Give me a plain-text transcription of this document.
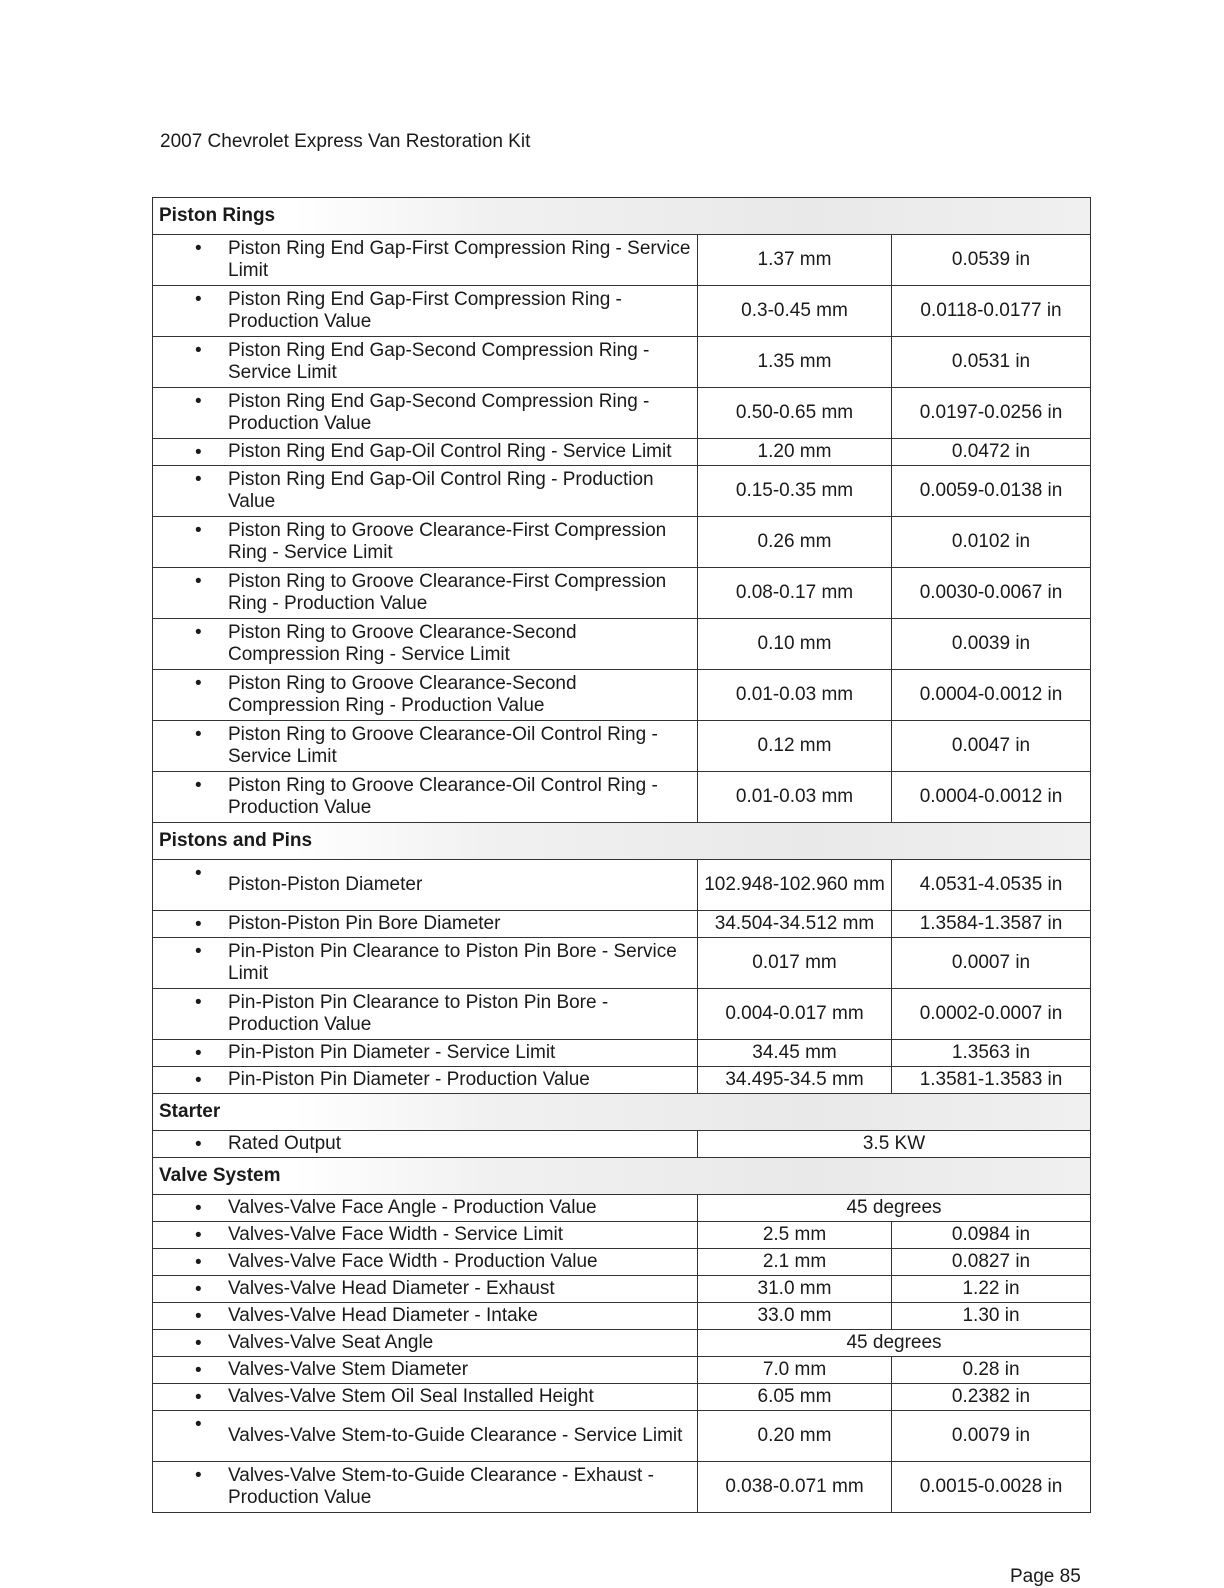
2007 Chevrolet Express Van Restoration Kit
Piston Rings		

• Piston Ring End Gap-First Compression Ring - Service Limit	1.37 mm	0.0539 in

• Piston Ring End Gap-First Compression Ring - Production Value	0.3-0.45 mm	0.0118-0.0177 in

• Piston Ring End Gap-Second Compression Ring - Service Limit	1.35 mm	0.0531 in

• Piston Ring End Gap-Second Compression Ring - Production Value	0.50-0.65 mm	0.0197-0.0256 in

• Piston Ring End Gap-Oil Control Ring - Service Limit	1.20 mm	0.0472 in

• Piston Ring End Gap-Oil Control Ring - Production Value	0.15-0.35 mm	0.0059-0.0138 in

• Piston Ring to Groove Clearance-First Compression Ring - Service Limit	0.26 mm	0.0102 in

• Piston Ring to Groove Clearance-First Compression Ring - Production Value	0.08-0.17 mm	0.0030-0.0067 in

• Piston Ring to Groove Clearance-Second Compression Ring - Service Limit	0.10 mm	0.0039 in

• Piston Ring to Groove Clearance-Second Compression Ring - Production Value	0.01-0.03 mm	0.0004-0.0012 in

• Piston Ring to Groove Clearance-Oil Control Ring - Service Limit	0.12 mm	0.0047 in

• Piston Ring to Groove Clearance-Oil Control Ring - Production Value	0.01-0.03 mm	0.0004-0.0012 in
Pistons and Pins		

•
Piston-Piston Diameter	102.948-102.960 mm	4.0531-4.0535 in

• Piston-Piston Pin Bore Diameter	34.504-34.512 mm	1.3584-1.3587 in

• Pin-Piston Pin Clearance to Piston Pin Bore - Service Limit	0.017 mm	0.0007 in

• Pin-Piston Pin Clearance to Piston Pin Bore - Production Value	0.004-0.017 mm	0.0002-0.0007 in

• Pin-Piston Pin Diameter - Service Limit	34.45 mm	1.3563 in

• Pin-Piston Pin Diameter - Production Value	34.495-34.5 mm	1.3581-1.3583 in
Starter		

• Rated Output	3.5 KW	
Valve System		

• Valves-Valve Face Angle - Production Value	45 degrees	

• Valves-Valve Face Width - Service Limit	2.5 mm	0.0984 in

• Valves-Valve Face Width - Production Value	2.1 mm	0.0827 in

• Valves-Valve Head Diameter - Exhaust	31.0 mm	1.22 in

• Valves-Valve Head Diameter - Intake	33.0 mm	1.30 in

• Valves-Valve Seat Angle	45 degrees	

• Valves-Valve Stem Diameter	7.0 mm	0.28 in

• Valves-Valve Stem Oil Seal Installed Height	6.05 mm	0.2382 in

•
Valves-Valve Stem-to-Guide Clearance - Service Limit	0.20 mm	0.0079 in

• Valves-Valve Stem-to-Guide Clearance - Exhaust - Production Value	0.038-0.071 mm	0.0015-0.0028 in
Page 85
